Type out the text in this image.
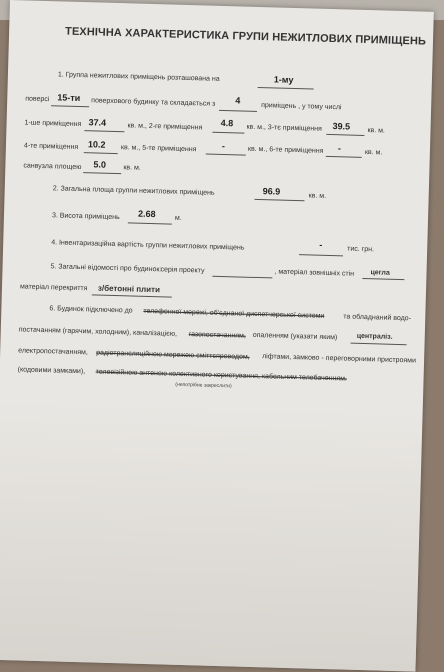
ТЕХНІЧНА ХАРАКТЕРИСТИКА ГРУПИ НЕЖИТЛОВИХ ПРИМІЩЕНЬ
1. Группа нежитлових приміщень розташована на	1-му
поверсі 15-ти поверхового будинку та складається з 4
приміщень , у тому числі
1-ше приміщення 37.4	кв. м., 2-ге приміщення 4.8 кв. м., 3-тє приміщення 39.5 кв. м.
4-те приміщення 10.2 кв. м., 5-те приміщення	-	кв. м., 6-те приміщення -	кв. м.
санвузла площею 5.0 кв. м.
2. Загальна площа группи нежитлових приміщень	96.9	кв. м.
3. Висота приміщень 2.68	м.
4. Інвентаризаційна вартість группи нежитлових приміщень	-	тис. грн.
5. Загальні відомості про будинок:
серія проекту	, матеріал зовнішніх стін цегла
матеріал перекриття з/бетонні плити
6. Будинок підключено до телефонної мережі, об'єднаної диспетчерської системи	та обладнаний водо-
постачанням (гарячим, холодним), каналізацією, газопостачанням, опаленням (указати яким)	централіз.
електропостачанням, радіотрансляційною мережею сміттєпроводом, ліфтами, замково - переговорними пристроями
(кодовими замками), телевізійною антеною колективного користування, кабельним телебаченням.
(непотрібне закреслити)
